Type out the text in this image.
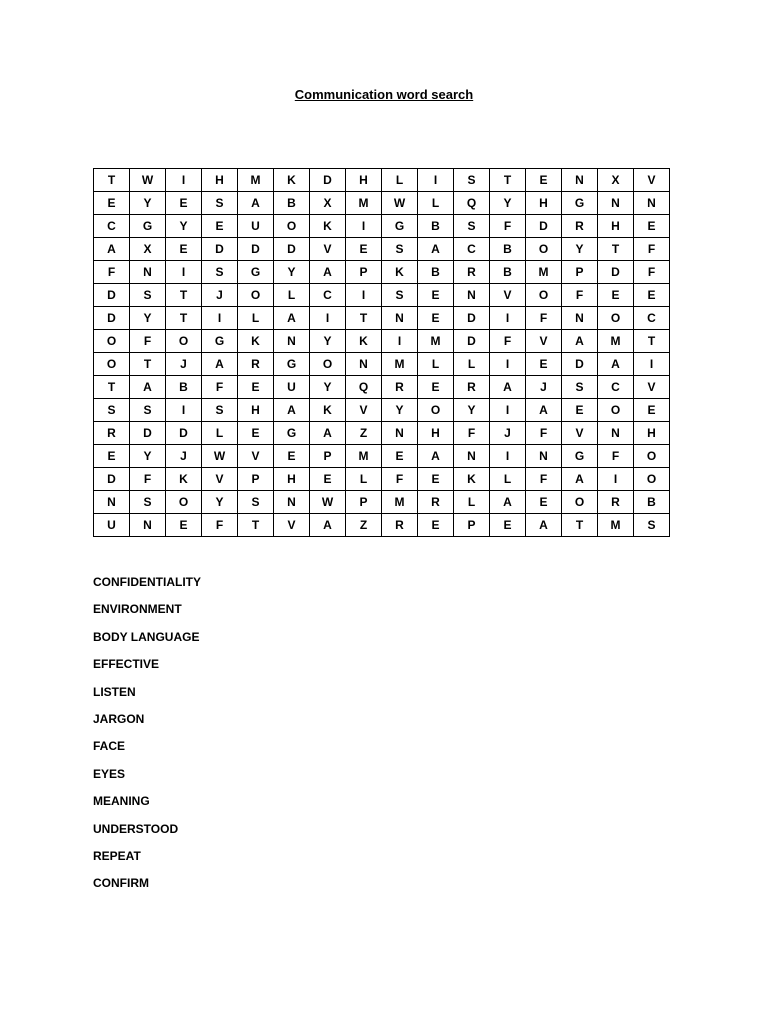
Communication word search
T	W	I	H	M	K	D	H	L	I	S	T	E	N	X	V
E	Y	E	S	A	B	X	M	W	L	Q	Y	H	G	N	N
C	G	Y	E	U	O	K	I	G	B	S	F	D	R	H	E
A	X	E	D	D	D	V	E	S	A	C	B	O	Y	T	F
F	N	I	S	G	Y	A	P	K	B	R	B	M	P	D	F
D	S	T	J	O	L	C	I	S	E	N	V	O	F	E	E
D	Y	T	I	L	A	I	T	N	E	D	I	F	N	O	C
O	F	O	G	K	N	Y	K	I	M	D	F	V	A	M	T
O	T	J	A	R	G	O	N	M	L	L	I	E	D	A	I
T	A	B	F	E	U	Y	Q	R	E	R	A	J	S	C	V
S	S	I	S	H	A	K	V	Y	O	Y	I	A	E	O	E
R	D	D	L	E	G	A	Z	N	H	F	J	F	V	N	H
E	Y	J	W	V	E	P	M	E	A	N	I	N	G	F	O
D	F	K	V	P	H	E	L	F	E	K	L	F	A	I	O
N	S	O	Y	S	N	W	P	M	R	L	A	E	O	R	B
U	N	E	F	T	V	A	Z	R	E	P	E	A	T	M	S
CONFIDENTIALITY
ENVIRONMENT
BODY LANGUAGE
EFFECTIVE
LISTEN
JARGON
FACE
EYES
MEANING
UNDERSTOOD
REPEAT
CONFIRM
